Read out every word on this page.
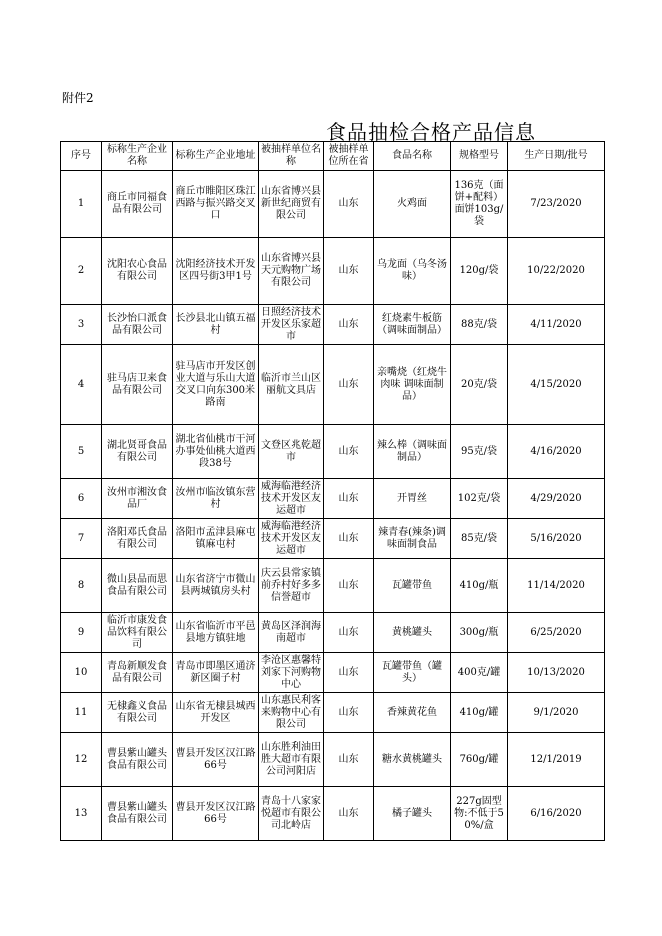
附件2
食品抽检合格产品信息
序号	标称生产企业名称	标称生产企业地址	被抽样单位名称	被抽样单位所在省	食品名称	规格型号	生产日期/批号
1	商丘市同福食品有限公司	商丘市睢阳区珠江西路与振兴路交叉口	山东省博兴县新世纪商贸有限公司	山东	火鸡面	136克（面饼+配料）面饼103g/袋	7/23/2020
2	沈阳农心食品有限公司	沈阳经济技术开发区四号街3甲1号	山东省博兴县天元购物广场有限公司	山东	乌龙面（乌冬汤味）	120g/袋	10/22/2020
3	长沙怡口派食品有限公司	长沙县北山镇五福村	日照经济技术开发区乐家超市	山东	红烧素牛板筋（调味面制品）	88克/袋	4/11/2020
4	驻马店卫来食品有限公司	驻马店市开发区创业大道与乐山大道交叉口向东300米路南	临沂市兰山区丽航文具店	山东	亲嘴烧（红烧牛肉味 调味面制品）	20克/袋	4/15/2020
5	湖北贤哥食品有限公司	湖北省仙桃市干河办事处仙桃大道西段38号	文登区兆乾超市	山东	辣么棒（调味面制品）	95克/袋	4/16/2020
6	汝州市湘汝食品厂	汝州市临汝镇东营村	威海临港经济技术开发区友运超市	山东	开胃丝	102克/袋	4/29/2020
7	洛阳邓氏食品有限公司	洛阳市孟津县麻屯镇麻屯村	威海临港经济技术开发区友运超市	山东	辣青春(辣条)调味面制食品	85克/袋	5/16/2020
8	微山县品而思食品有限公司	山东省济宁市微山县两城镇房头村	庆云县常家镇前乔村好多多信誉超市	山东	瓦罐带鱼	410g/瓶	11/14/2020
9	临沂市康发食品饮料有限公司	山东省临沂市平邑县地方镇驻地	黄岛区泽润海南超市	山东	黄桃罐头	300g/瓶	6/25/2020
10	青岛新顺发食品有限公司	青岛市即墨区通济新区圈子村	李沧区惠馨特刘家下河购物中心	山东	瓦罐带鱼（罐头）	400克/罐	10/13/2020
11	无棣鑫义食品有限公司	山东省无棣县城西开发区	山东惠民利客来购物中心有限公司	山东	香辣黄花鱼	410g/罐	9/1/2020
12	曹县紫山罐头食品有限公司	曹县开发区汉江路66号	山东胜利油田胜大超市有限公司河阳店	山东	糖水黄桃罐头	760g/罐	12/1/2019
13	曹县紫山罐头食品有限公司	曹县开发区汉江路66号	青岛十八家家悦超市有限公司北岭店	山东	橘子罐头	227g固型物:不低于50%/盒	6/16/2020
